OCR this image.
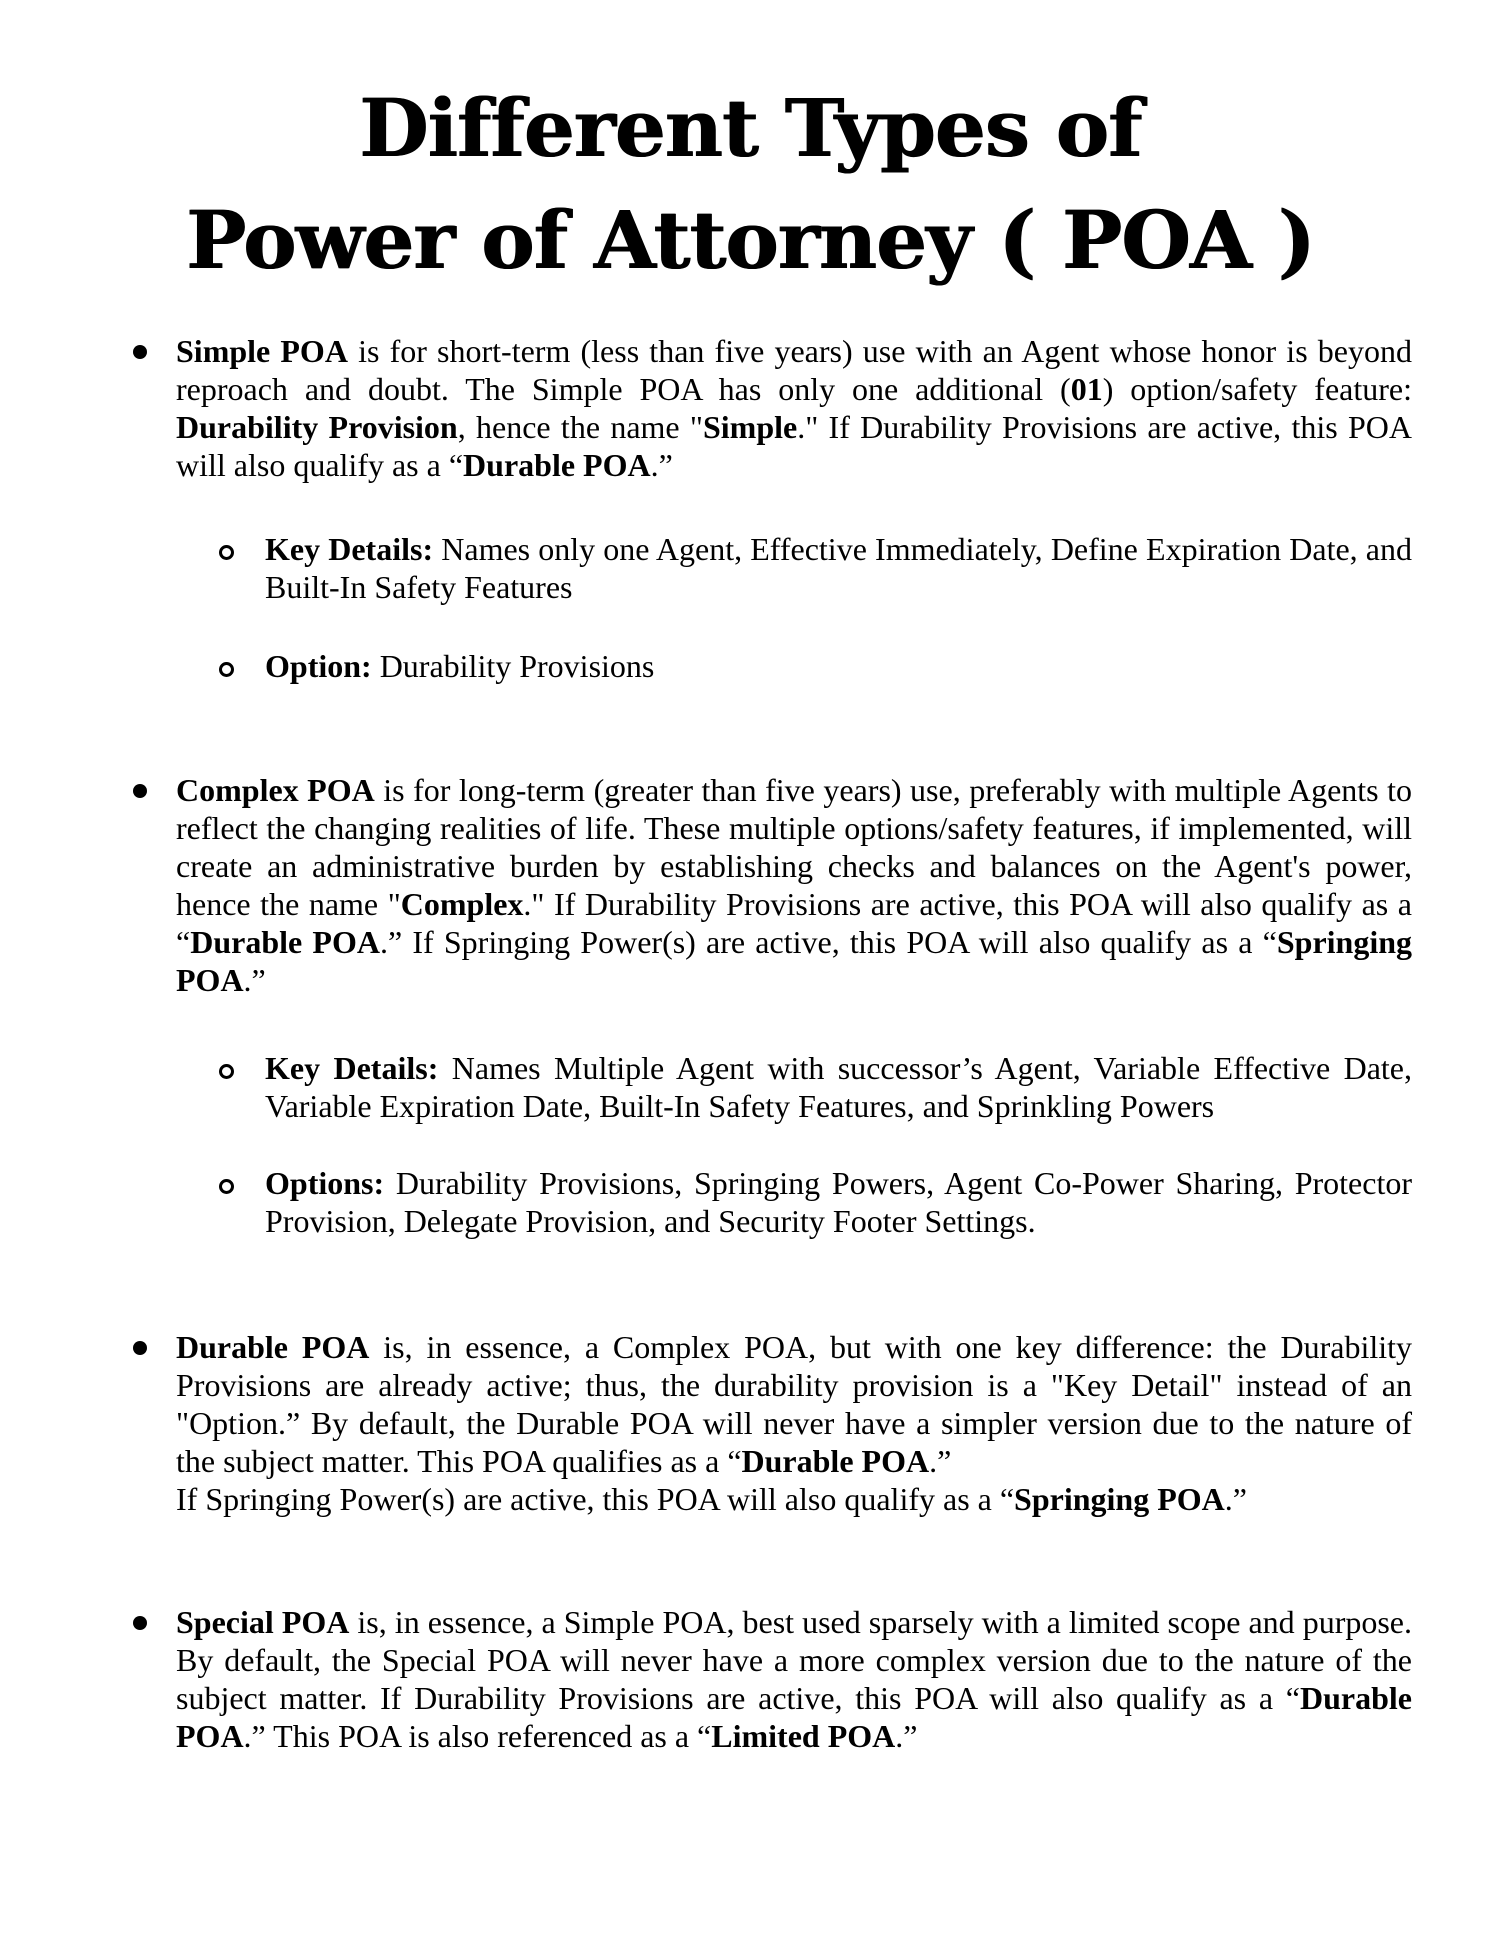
Different Types of
Power of Attorney ( POA )

Simple POA is for short-term (less than five years) use with an Agent whose honor is beyond reproach and doubt. The Simple POA has only one additional (01) option/safety feature: Durability Provision, hence the name "Simple." If Durability Provisions are active, this POA will also qualify as a “Durable POA.”

Key Details: Names only one Agent, Effective Immediately, Define Expiration Date, and Built-In Safety Features

Option: Durability Provisions

Complex POA is for long-term (greater than five years) use, preferably with multiple Agents to reflect the changing realities of life. These multiple options/safety features, if implemented, will create an administrative burden by establishing checks and balances on the Agent's power, hence the name "Complex." If Durability Provisions are active, this POA will also qualify as a “Durable POA.” If Springing Power(s) are active, this POA will also qualify as a “Springing POA.”

Key Details: Names Multiple Agent with successor’s Agent, Variable Effective Date, Variable Expiration Date, Built-In Safety Features, and Sprinkling Powers

Options: Durability Provisions, Springing Powers, Agent Co-Power Sharing, Protector Provision, Delegate Provision, and Security Footer Settings.

Durable POA is, in essence, a Complex POA, but with one key difference: the Durability Provisions are already active; thus, the durability provision is a "Key Detail" instead of an "Option.” By default, the Durable POA will never have a simpler version due to the nature of the subject matter. This POA qualifies as a “Durable POA.”
If Springing Power(s) are active, this POA will also qualify as a “Springing POA.”

Special POA is, in essence, a Simple POA, best used sparsely with a limited scope and purpose. By default, the Special POA will never have a more complex version due to the nature of the subject matter. If Durability Provisions are active, this POA will also qualify as a “Durable POA.” This POA is also referenced as a “Limited POA.”
